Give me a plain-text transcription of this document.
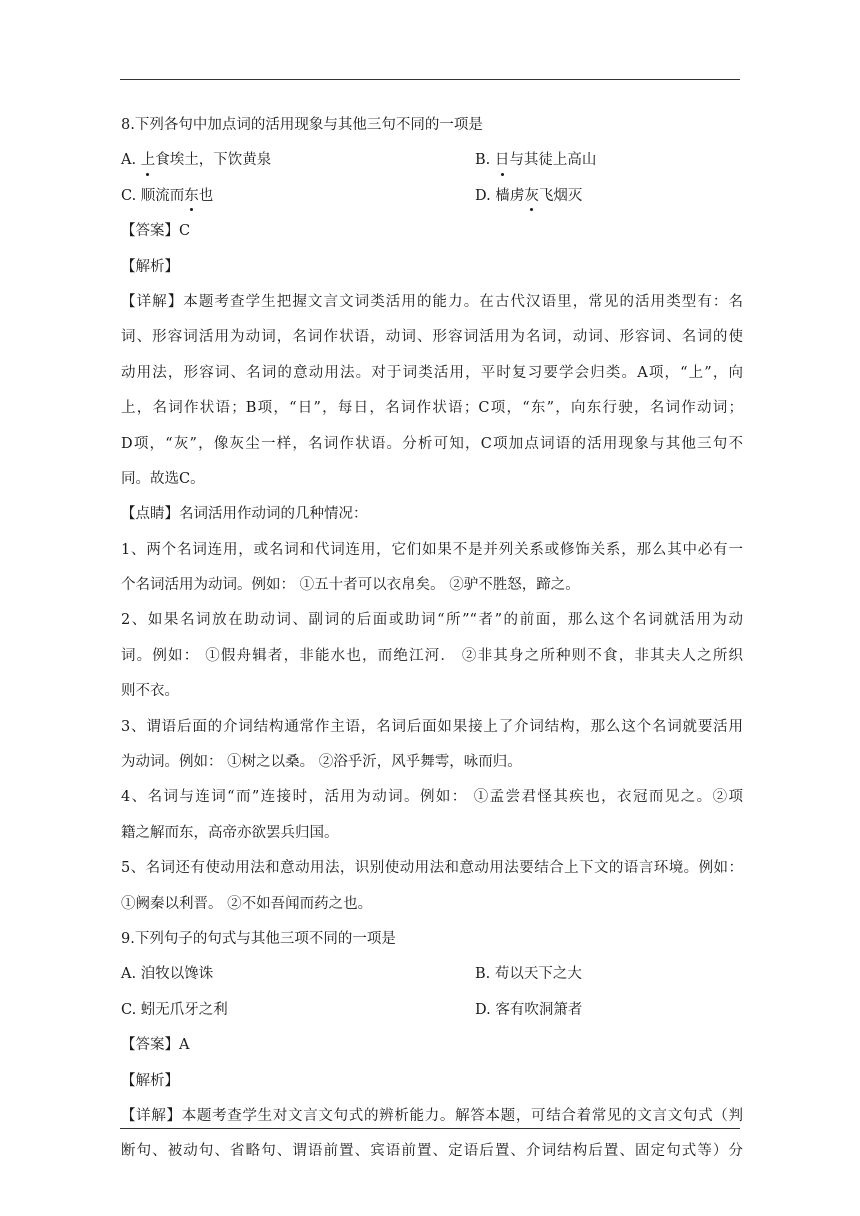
8.下列各句中加点词的活用现象与其他三句不同的一项是
A. 上食埃土，下饮黄泉	B. 日与其徒上高山
C. 顺流而东也	D. 樯虏灰飞烟灭
【答案】C
【解析】
【详解】本题考查学生把握文言文词类活用的能力。在古代汉语里，常见的活用类型有：名
词、形容词活用为动词，名词作状语，动词、形容词活用为名词，动词、形容词、名词的使
动用法，形容词、名词的意动用法。对于词类活用，平时复习要学会归类。A项，“上”，向
上，名词作状语；B项，“日”，每日，名词作状语；C项，“东”，向东行驶，名词作动词；
D项，“灰”，像灰尘一样，名词作状语。分析可知，C项加点词语的活用现象与其他三句不
同。故选C。
【点睛】名词活用作动词的几种情况：
1、两个名词连用，或名词和代词连用，它们如果不是并列关系或修饰关系，那么其中必有一
个名词活用为动词。例如： ①五十者可以衣帛矣。 ②驴不胜怒，蹄之。
2、如果名词放在助动词、副词的后面或助词“所”“者”的前面，那么这个名词就活用为动
词。例如： ①假舟辑者，非能水也，而绝江河． ②非其身之所种则不食，非其夫人之所织
则不衣。
3、谓语后面的介词结构通常作主语，名词后面如果接上了介词结构，那么这个名词就要活用
为动词。例如： ①树之以桑。 ②浴乎沂，风乎舞雩，咏而归。
4、名词与连词“而”连接时，活用为动词。例如： ①孟尝君怪其疾也，衣冠而见之。②项
籍之解而东，高帝亦欲罢兵归国。
5、名词还有使动用法和意动用法，识别使动用法和意动用法要结合上下文的语言环境。例如：
①阙秦以利晋。 ②不如吾闻而药之也。
9.下列句子的句式与其他三项不同的一项是
A. 洎牧以馋诛	B. 苟以天下之大
C. 蚓无爪牙之利	D. 客有吹洞箫者
【答案】A
【解析】
【详解】本题考查学生对文言文句式的辨析能力。解答本题，可结合着常见的文言文句式（判
断句、被动句、省略句、谓语前置、宾语前置、定语后置、介词结构后置、固定句式等）分
